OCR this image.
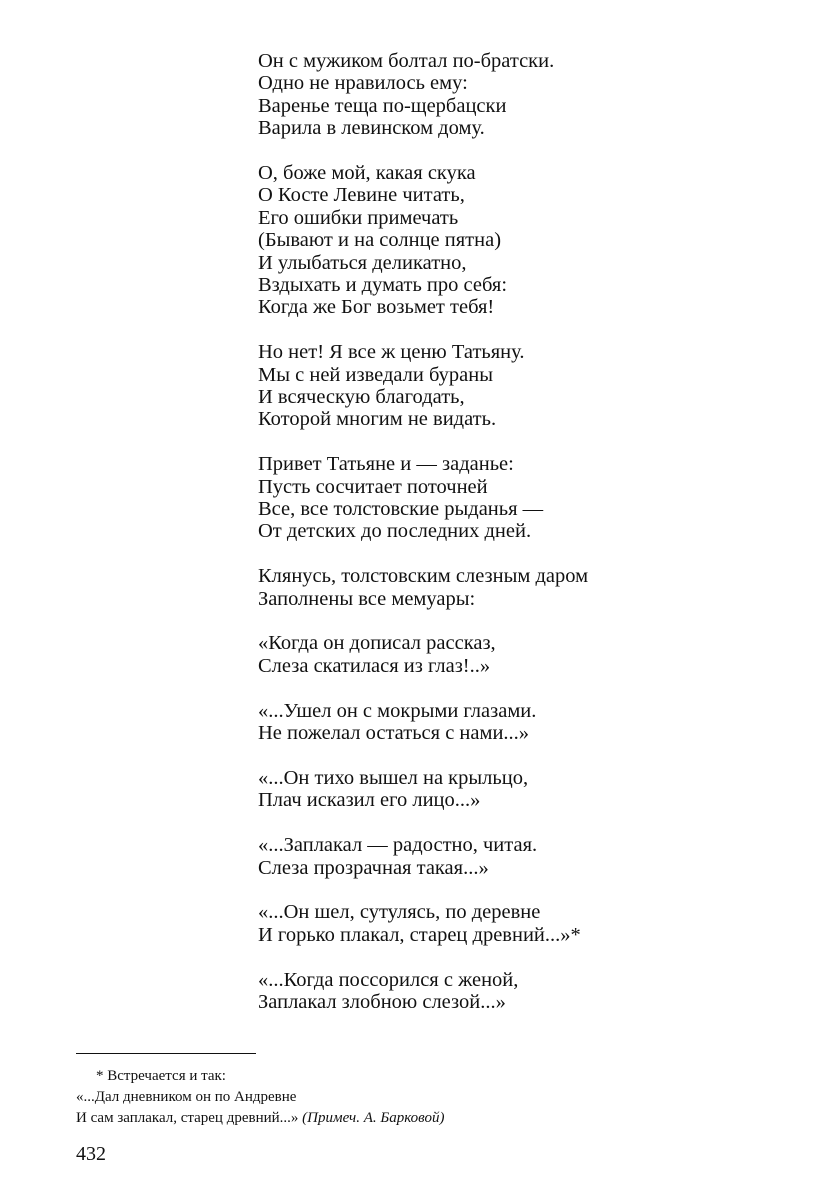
Он с мужиком болтал по-братски.
Одно не нравилось ему:
Варенье теща по-щербацски
Варила в левинском дому.
О, боже мой, какая скука
О Косте Левине читать,
Его ошибки примечать
(Бывают и на солнце пятна)
И улыбаться деликатно,
Вздыхать и думать про себя:
Когда же Бог возьмет тебя!
Но нет! Я все ж ценю Татьяну.
Мы с ней изведали бураны
И всяческую благодать,
Которой многим не видать.
Привет Татьяне и — заданье:
Пусть сосчитает поточней
Все, все толстовские рыданья —
От детских до последних дней.
Клянусь, толстовским слезным даром
Заполнены все мемуары:
«Когда он дописал рассказ,
Слеза скатилася из глаз!..»
«...Ушел он с мокрыми глазами.
Не пожелал остаться с нами...»
«...Он тихо вышел на крыльцо,
Плач исказил его лицо...»
«...Заплакал — радостно, читая.
Слеза прозрачная такая...»
«...Он шел, сутулясь, по деревне
И горько плакал, старец древний...»*
«...Когда поссорился с женой,
Заплакал злобною слезой...»
* Встречается и так:
«...Дал дневником он по Андревне
И сам заплакал, старец древний...» (Примеч. А. Барковой)
432
